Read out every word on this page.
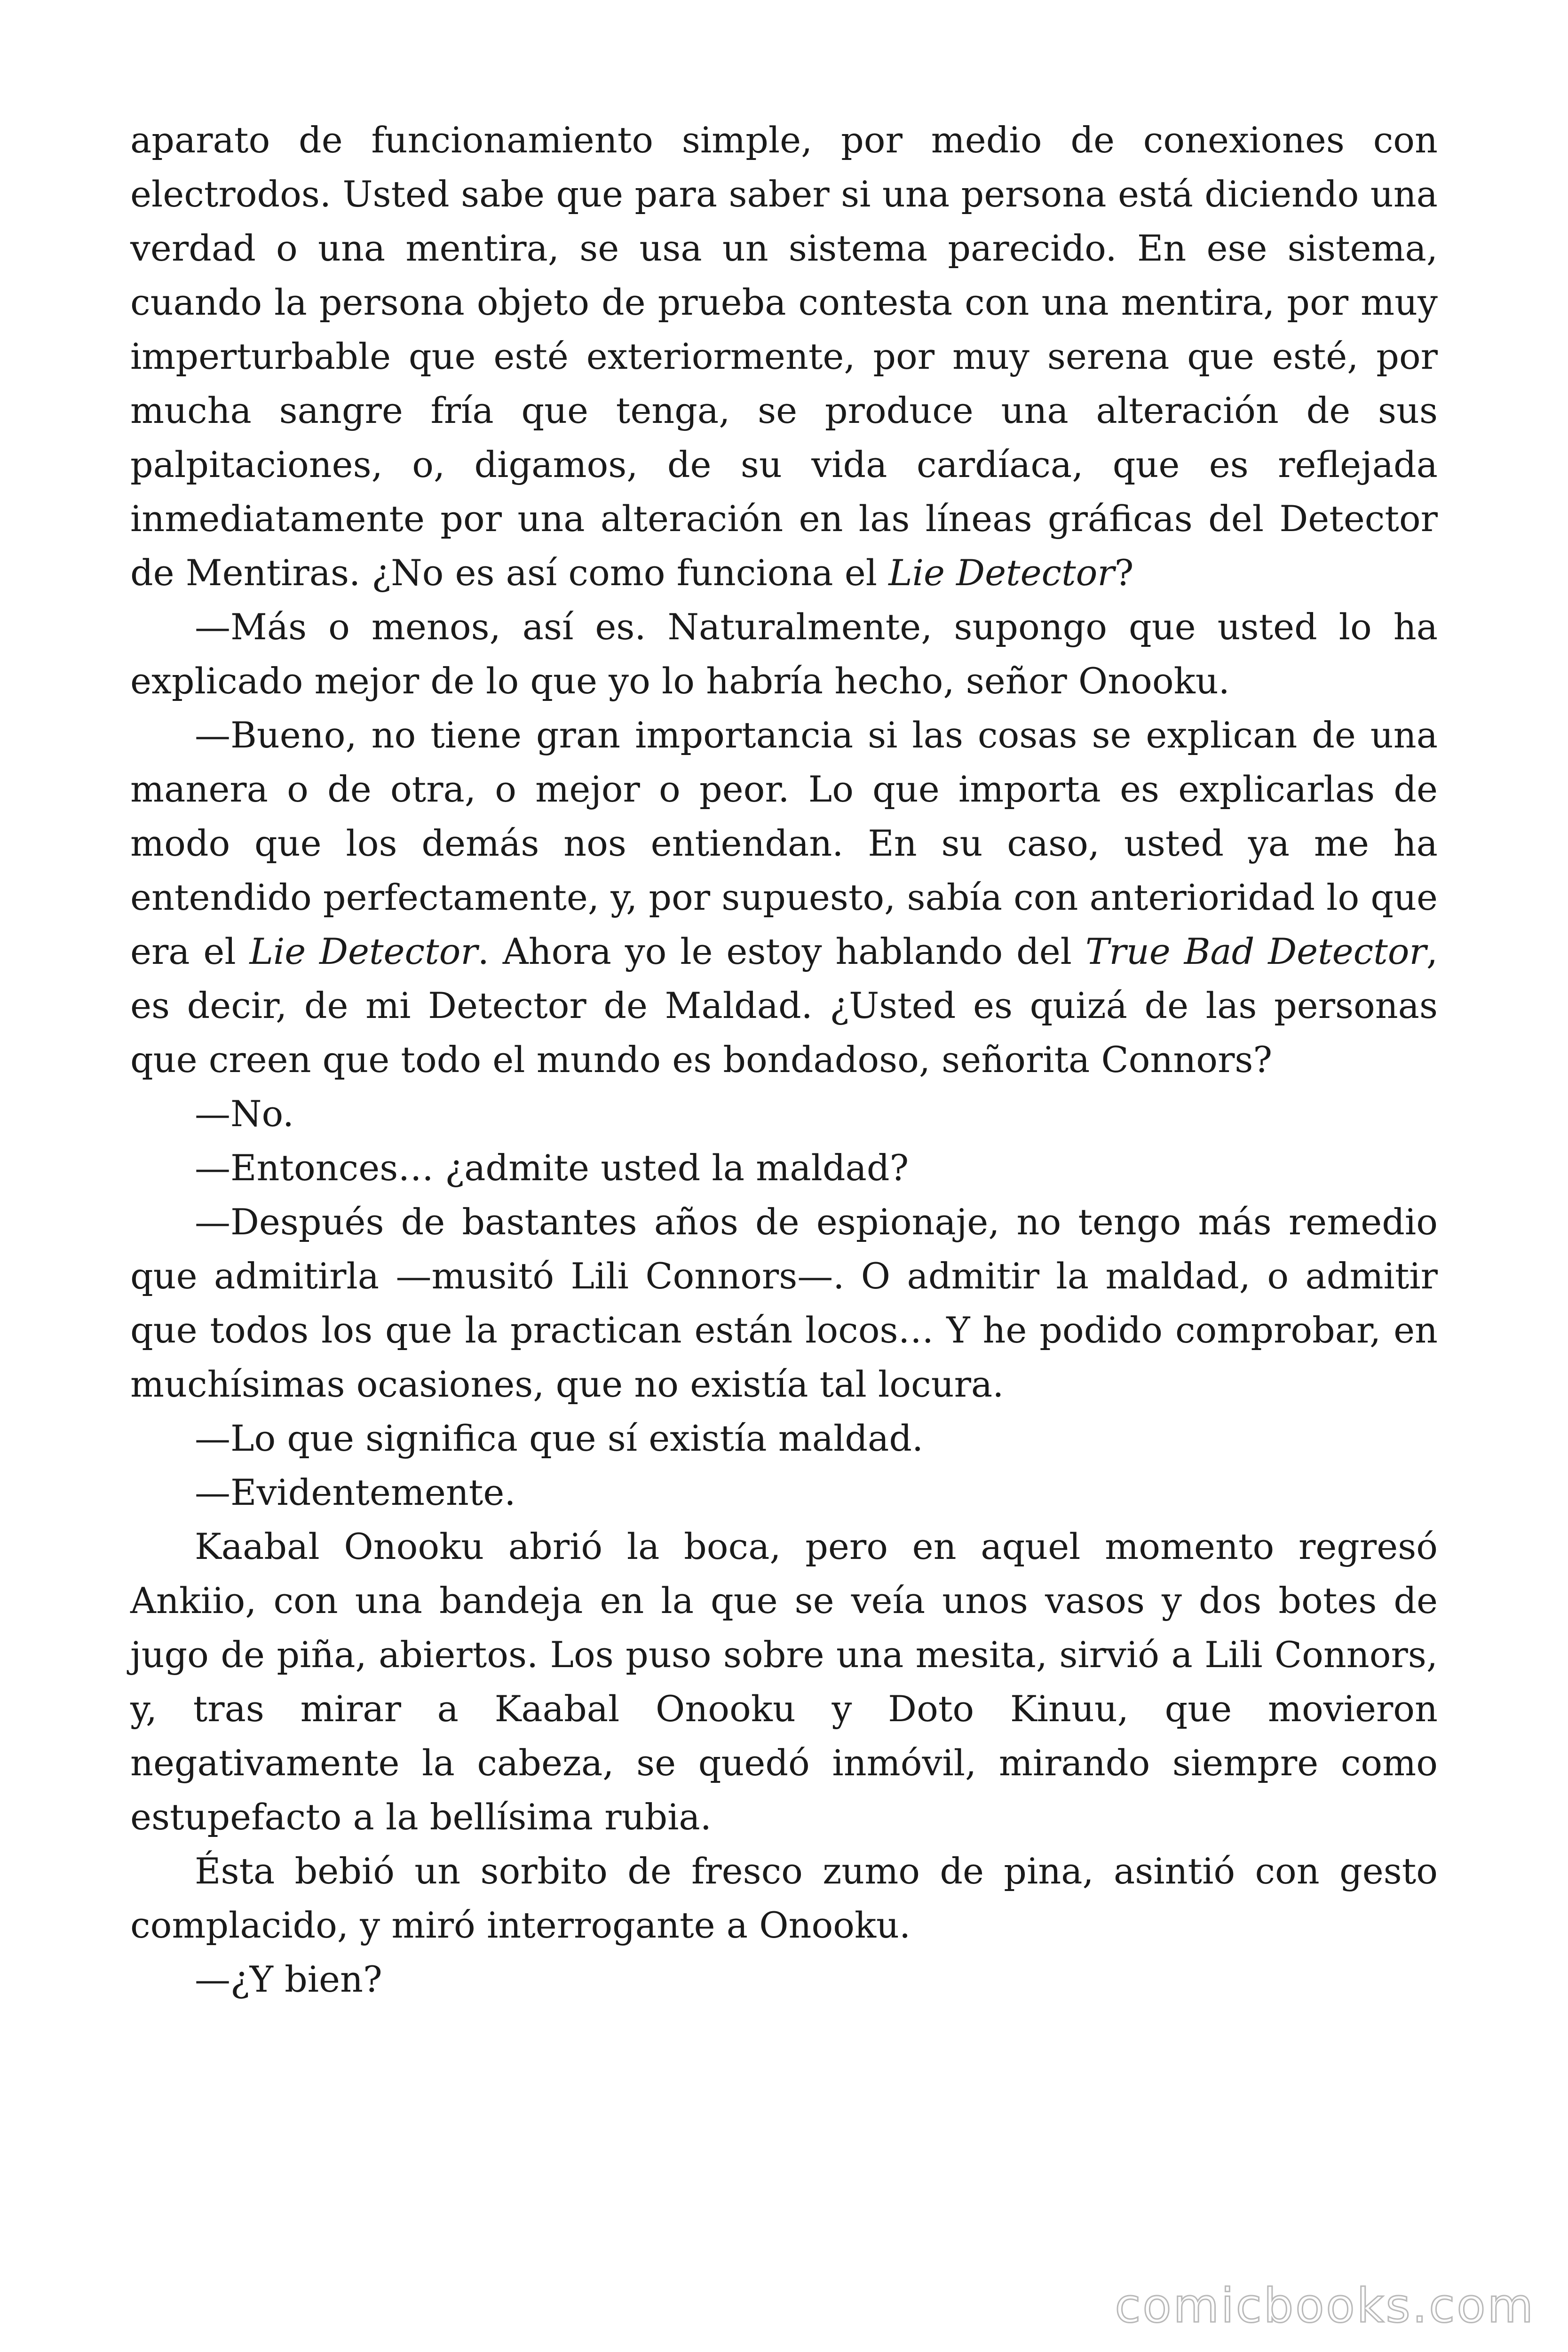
aparato de funcionamiento simple, por medio de conexiones con electrodos. Usted sabe que para saber si una persona está diciendo una verdad o una mentira, se usa un sistema parecido. En ese sistema, cuando la persona objeto de prueba contesta con una mentira, por muy imperturbable que esté exteriormente, por muy serena que esté, por mucha sangre fría que tenga, se produce una alteración de sus palpitaciones, o, digamos, de su vida cardíaca, que es reflejada inmediatamente por una alteración en las líneas gráficas del Detector de Mentiras. ¿No es así como funciona el Lie Detector?

—Más o menos, así es. Naturalmente, supongo que usted lo ha explicado mejor de lo que yo lo habría hecho, señor Onooku.

—Bueno, no tiene gran importancia si las cosas se explican de una manera o de otra, o mejor o peor. Lo que importa es explicarlas de modo que los demás nos entiendan. En su caso, usted ya me ha entendido perfectamente, y, por supuesto, sabía con anterioridad lo que era el Lie Detector. Ahora yo le estoy hablando del True Bad Detector, es decir, de mi Detector de Maldad. ¿Usted es quizá de las personas que creen que todo el mundo es bondadoso, señorita Connors?

—No.

—Entonces… ¿admite usted la maldad?

—Después de bastantes años de espionaje, no tengo más remedio que admitirla —musitó Lili Connors—. O admitir la maldad, o admitir que todos los que la practican están locos… Y he podido comprobar, en muchísimas ocasiones, que no existía tal locura.

—Lo que significa que sí existía maldad.

—Evidentemente.

Kaabal Onooku abrió la boca, pero en aquel momento regresó Ankiio, con una bandeja en la que se veía unos vasos y dos botes de jugo de piña, abiertos. Los puso sobre una mesita, sirvió a Lili Connors, y, tras mirar a Kaabal Onooku y Doto Kinuu, que movieron negativamente la cabeza, se quedó inmóvil, mirando siempre como estupefacto a la bellísima rubia.

Ésta bebió un sorbito de fresco zumo de pina, asintió con gesto complacido, y miró interrogante a Onooku.

—¿Y bien?

comicbooks.com
